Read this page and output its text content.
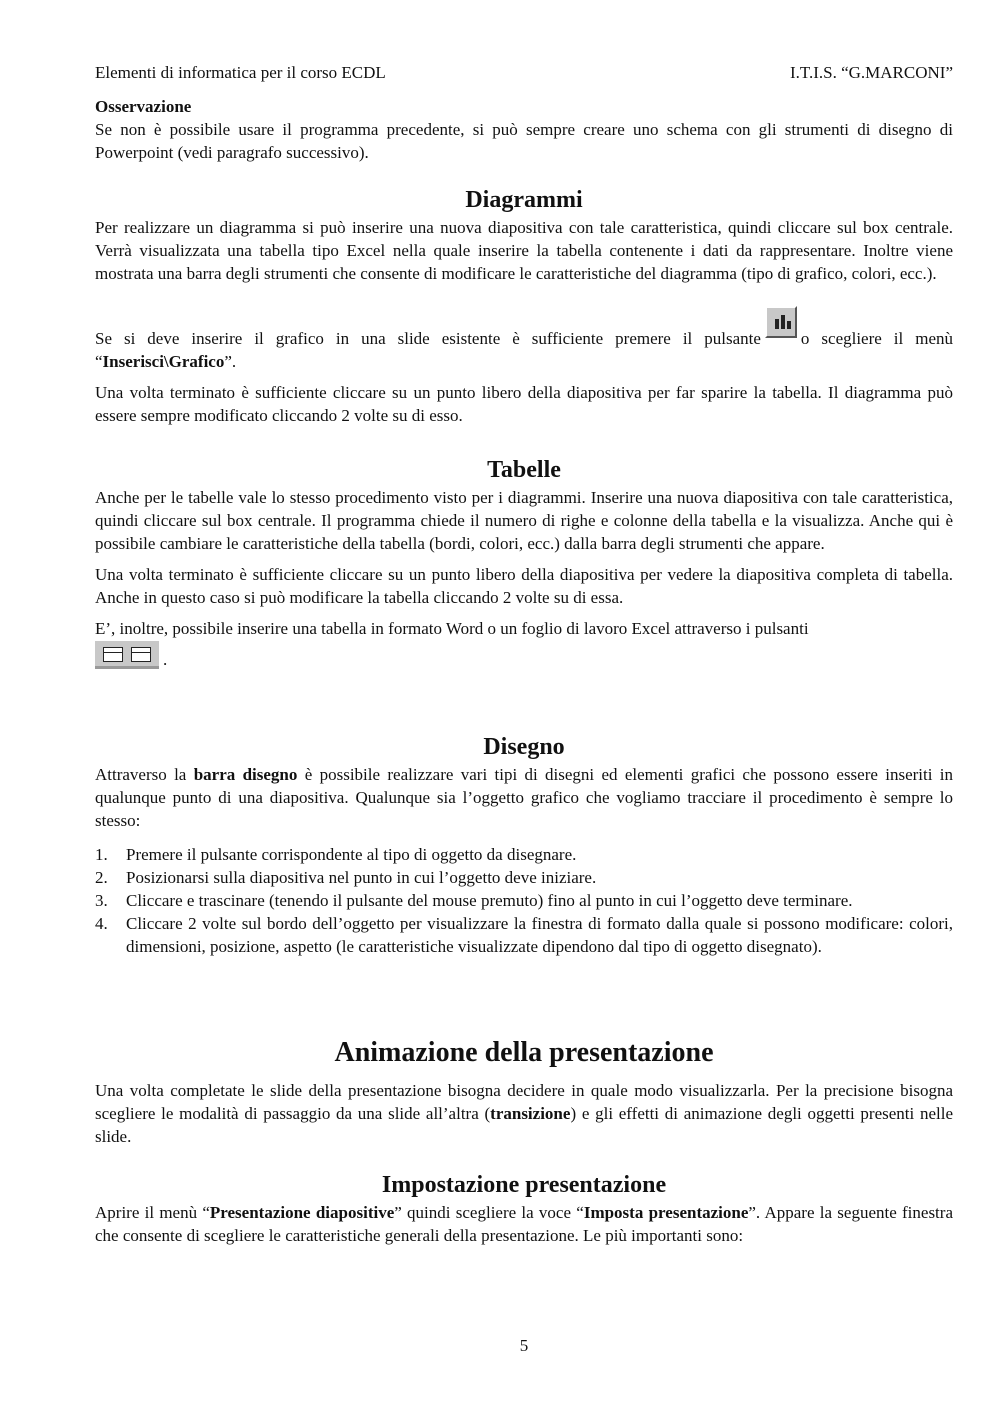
Elementi di informatica per il corso ECDL	I.T.I.S. “G.MARCONI”
Osservazione

Se non è possibile usare il programma precedente, si può sempre creare uno schema con gli strumenti di disegno di Powerpoint (vedi paragrafo successivo).

Diagrammi

Per realizzare un diagramma si può inserire una nuova diapositiva con tale caratteristica, quindi cliccare sul box centrale. Verrà visualizzata una tabella tipo Excel nella quale inserire la tabella contenente i dati da rappresentare. Inoltre viene mostrata una barra degli strumenti che consente di modificare le caratteristiche del diagramma (tipo di grafico, colori, ecc.).

Se si deve inserire il grafico in una slide esistente è sufficiente premere il pulsante o scegliere il menù “Inserisci\Grafico”.

Una volta terminato è sufficiente cliccare su un punto libero della diapositiva per far sparire la tabella. Il diagramma può essere sempre modificato cliccando 2 volte su di esso.

Tabelle

Anche per le tabelle vale lo stesso procedimento visto per i diagrammi. Inserire una nuova diapositiva con tale caratteristica, quindi cliccare sul box centrale. Il programma chiede il numero di righe e colonne della tabella e la visualizza. Anche qui è possibile cambiare le caratteristiche della tabella (bordi, colori, ecc.) dalla barra degli strumenti che appare.

Una volta terminato è sufficiente cliccare su un punto libero della diapositiva per vedere la diapositiva completa di tabella. Anche in questo caso si può modificare la tabella cliccando 2 volte su di essa.

E’, inoltre, possibile inserire una tabella in formato Word o un foglio di lavoro Excel attraverso i pulsanti

.
Disegno

Attraverso la barra disegno è possibile realizzare vari tipi di disegni ed elementi grafici che possono essere inseriti in qualunque punto di una diapositiva. Qualunque sia l’oggetto grafico che vogliamo tracciare il procedimento è sempre lo stesso:

1. Premere il pulsante corrispondente al tipo di oggetto da disegnare.
2. Posizionarsi sulla diapositiva nel punto in cui l’oggetto deve iniziare.
3. Cliccare e trascinare (tenendo il pulsante del mouse premuto) fino al punto in cui l’oggetto deve terminare.
4. Cliccare 2 volte sul bordo dell’oggetto per visualizzare la finestra di formato dalla quale si possono modificare: colori, dimensioni, posizione, aspetto (le caratteristiche visualizzate dipendono dal tipo di oggetto disegnato).
Animazione della presentazione

Una volta completate le slide della presentazione bisogna decidere in quale modo visualizzarla. Per la precisione bisogna scegliere le modalità di passaggio da una slide all’altra (transizione) e gli effetti di animazione degli oggetti presenti nelle slide.

Impostazione presentazione

Aprire il menù “Presentazione diapositive” quindi scegliere la voce “Imposta presentazione”. Appare la seguente finestra che consente di scegliere le caratteristiche generali della presentazione. Le più importanti sono:

5
